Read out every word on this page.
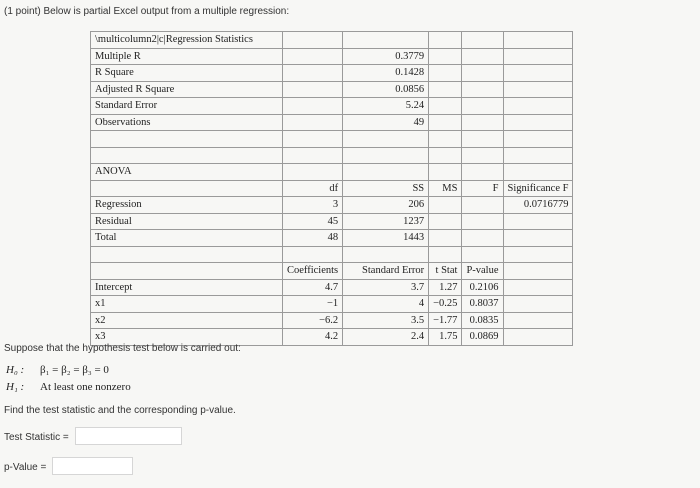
(1 point) Below is partial Excel output from a multiple regression:
\multicolumn2|c|Regression Statistics					
Multiple R		0.3779			
R Square		0.1428			
Adjusted R Square		0.0856			
Standard Error		5.24			
Observations		49			

ANOVA					
	df	SS	MS	F	Significance F
Regression	3	206			0.0716779
Residual	45	1237			
Total	48	1443			

	Coefficients	Standard Error	t Stat	P-value	
Intercept	4.7	3.7	1.27	0.2106	
x1	−1	4	−0.25	0.8037	
x2	−6.2	3.5	−1.77	0.0835	
x3	4.2	2.4	1.75	0.0869	
Suppose that the hypothesis test below is carried out:
H₀ : β₁ = β₂ = β₃ = 0
H₁ : At least one nonzero
Find the test statistic and the corresponding p-value.
Test Statistic =
p-Value =
